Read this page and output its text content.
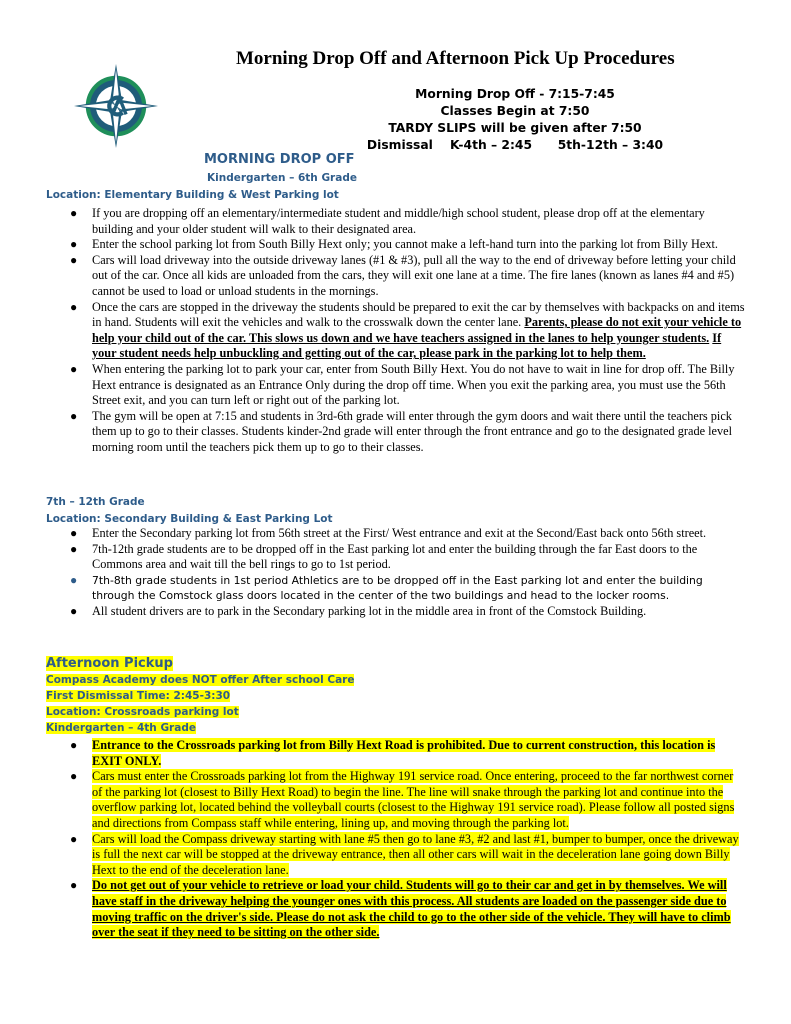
Morning Drop Off and Afternoon Pick Up Procedures
Morning Drop Off - 7:15-7:45
Classes Begin at 7:50
TARDY SLIPS will be given after 7:50
Dismissal K-4th – 2:45 5th-12th – 3:40
MORNING DROP OFF
Kindergarten – 6th Grade
Location: Elementary Building & West Parking lot
● If you are dropping off an elementary/intermediate student and middle/high school student, please drop off at the elementary building and your older student will walk to their designated area.
● Enter the school parking lot from South Billy Hext only; you cannot make a left-hand turn into the parking lot from Billy Hext.
● Cars will load driveway into the outside driveway lanes (#1 & #3), pull all the way to the end of driveway before letting your child out of the car. Once all kids are unloaded from the cars, they will exit one lane at a time. The fire lanes (known as lanes #4 and #5) cannot be used to load or unload students in the mornings.
● Once the cars are stopped in the driveway the students should be prepared to exit the car by themselves with backpacks on and items in hand. Students will exit the vehicles and walk to the crosswalk down the center lane. Parents, please do not exit your vehicle to help your child out of the car. This slows us down and we have teachers assigned in the lanes to help younger students. If your student needs help unbuckling and getting out of the car, please park in the parking lot to help them.
● When entering the parking lot to park your car, enter from South Billy Hext. You do not have to wait in line for drop off. The Billy Hext entrance is designated as an Entrance Only during the drop off time. When you exit the parking area, you must use the 56th Street exit, and you can turn left or right out of the parking lot.
● The gym will be open at 7:15 and students in 3rd-6th grade will enter through the gym doors and wait there until the teachers pick them up to go to their classes. Students kinder-2nd grade will enter through the front entrance and go to the designated grade level morning room until the teachers pick them up to go to their classes.
7th – 12th Grade
Location: Secondary Building & East Parking Lot
● Enter the Secondary parking lot from 56th street at the First/ West entrance and exit at the Second/East back onto 56th street.
● 7th-12th grade students are to be dropped off in the East parking lot and enter the building through the far East doors to the Commons area and wait till the bell rings to go to 1st period.
● 7th-8th grade students in 1st period Athletics are to be dropped off in the East parking lot and enter the building through the Comstock glass doors located in the center of the two buildings and head to the locker rooms.
● All student drivers are to park in the Secondary parking lot in the middle area in front of the Comstock Building.
Afternoon Pickup
Compass Academy does NOT offer After school Care
First Dismissal Time: 2:45-3:30
Location: Crossroads parking lot
Kindergarten – 4th Grade
● Entrance to the Crossroads parking lot from Billy Hext Road is prohibited. Due to current construction, this location is EXIT ONLY.
● Cars must enter the Crossroads parking lot from the Highway 191 service road. Once entering, proceed to the far northwest corner of the parking lot (closest to Billy Hext Road) to begin the line. The line will snake through the parking lot and continue into the overflow parking lot, located behind the volleyball courts (closest to the Highway 191 service road). Please follow all posted signs and directions from Compass staff while entering, lining up, and moving through the parking lot.
● Cars will load the Compass driveway starting with lane #5 then go to lane #3, #2 and last #1, bumper to bumper, once the driveway is full the next car will be stopped at the driveway entrance, then all other cars will wait in the deceleration lane going down Billy Hext to the end of the deceleration lane.
● Do not get out of your vehicle to retrieve or load your child. Students will go to their car and get in by themselves. We will have staff in the driveway helping the younger ones with this process. All students are loaded on the passenger side due to moving traffic on the driver's side. Please do not ask the child to go to the other side of the vehicle. They will have to climb over the seat if they need to be sitting on the other side.
